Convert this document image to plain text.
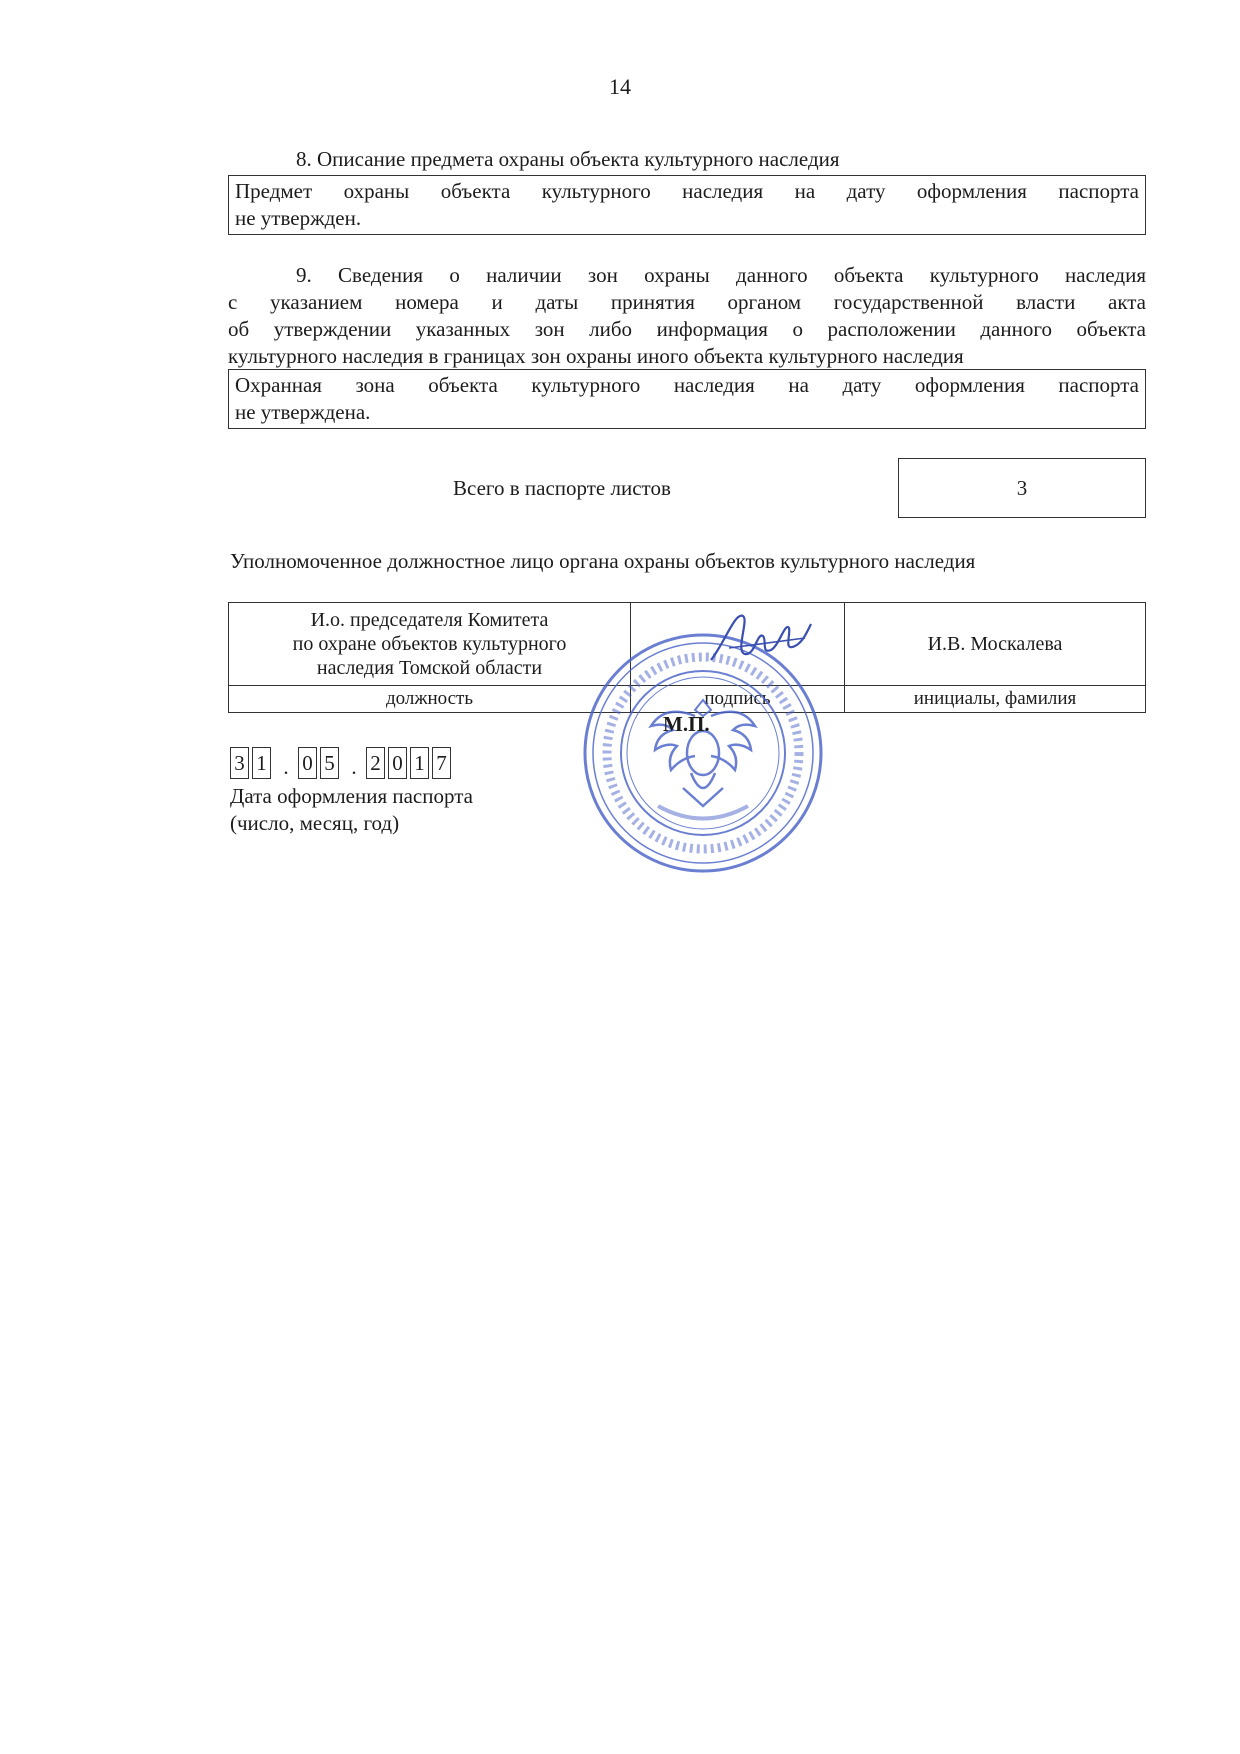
14
8. Описание предмета охраны объекта культурного наследия
Предмет охраны объекта культурного наследия на дату оформления паспорта
не утвержден.
9. Сведения о наличии зон охраны данного объекта культурного наследия
с указанием номера и даты принятия органом государственной власти акта
об утверждении указанных зон либо информация о расположении данного объекта
культурного наследия в границах зон охраны иного объекта культурного наследия
Охранная зона объекта культурного наследия на дату оформления паспорта
не утверждена.
Всего в паспорте листов	3
Уполномоченное должностное лицо органа охраны объектов культурного наследия
И.о. председателя Комитета
по охране объектов культурного
наследия Томской области		И.В. Москалева
должность	подпись	инициалы, фамилия
М.П.
3 1 . 0 5 . 2 0 1 7
Дата оформления паспорта
(число, месяц, год)
